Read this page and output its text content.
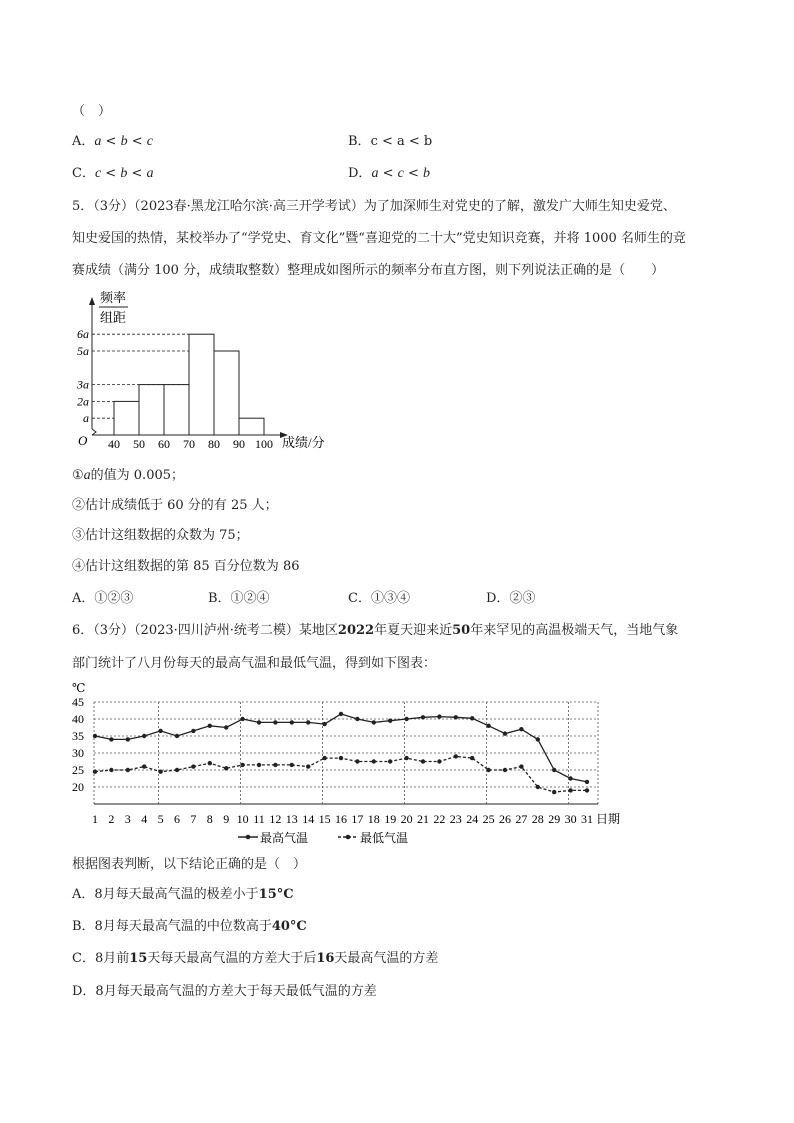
（　）
A．a < b < c	B．c < a < b
C．c < b < a	D．a < c < b
5．（3分）（2023春·黑龙江哈尔滨·高三开学考试）为了加深师生对党史的了解，激发广大师生知史爱党、
知史爱国的热情，某校举办了“学党史、育文化”暨“喜迎党的二十大”党史知识竞赛，并将 1000 名师生的竞
赛成绩（满分 100 分，成绩取整数）整理成如图所示的频率分布直方图，则下列说法正确的是（　　）
频率
组距
6a
5a
3a
2a
a
40 50 60 70 80 90 100
O	成绩/分
①a的值为 0.005；
②估计成绩低于 60 分的有 25 人；
③估计这组数据的众数为 75；
④估计这组数据的第 85 百分位数为 86
A．①②③	B．①②④	C．①③④	D．②③
6．（3分）（2023·四川泸州·统考二模）某地区2022年夏天迎来近50年来罕见的高温极端天气，当地气象
部门统计了八月份每天的最高气温和最低气温，得到如下图表：
℃
20
25
30
35
40
45
1 2 3 4 5 6 7 8 9 10 11 12 13 14 15 16 17 18 19 20 21 22 23 24 25 26 27 28 29 30 31 日期
最高气温	最低气温
根据图表判断，以下结论正确的是（　）
A．8月每天最高气温的极差小于15°C
B．8月每天最高气温的中位数高于40°C
C．8月前15天每天最高气温的方差大于后16天最高气温的方差
D．8月每天最高气温的方差大于每天最低气温的方差
